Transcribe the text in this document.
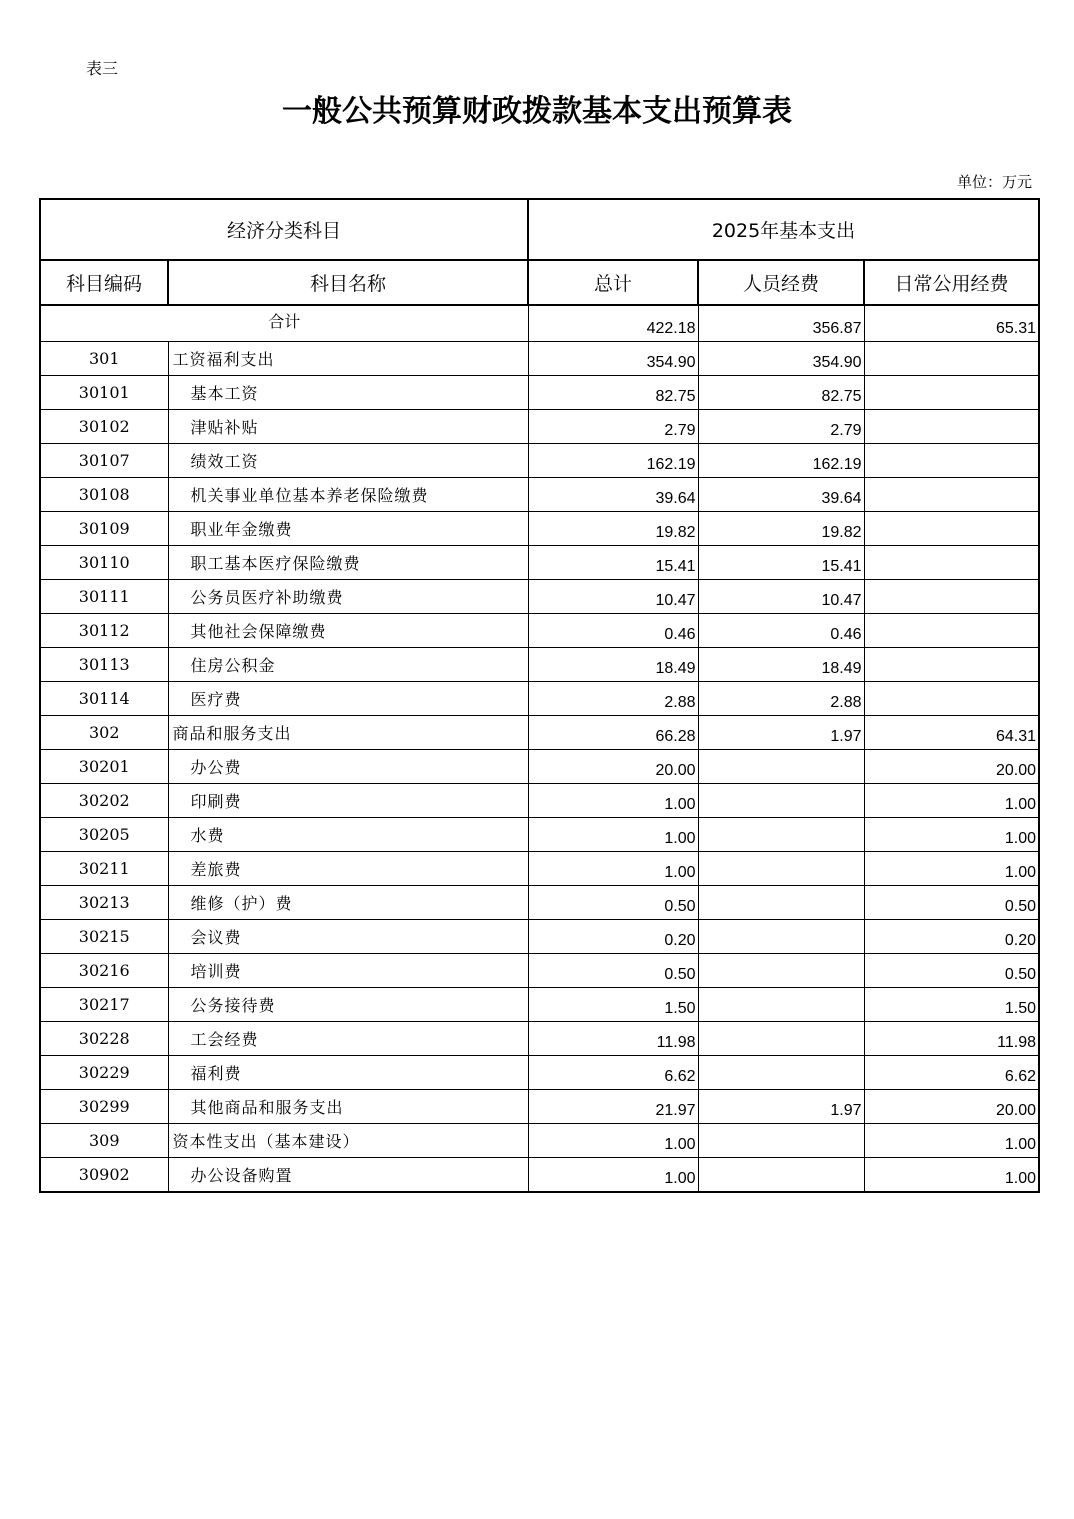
表三
一般公共预算财政拨款基本支出预算表
单位：万元
经济分类科目		2025年基本支出		
科目编码	科目名称	总计	人员经费	日常公用经费
合计		422.18	356.87	65.31
301	工资福利支出	354.90	354.90	
30101	基本工资	82.75	82.75	
30102	津贴补贴	2.79	2.79	
30107	绩效工资	162.19	162.19	
30108	机关事业单位基本养老保险缴费	39.64	39.64	
30109	职业年金缴费	19.82	19.82	
30110	职工基本医疗保险缴费	15.41	15.41	
30111	公务员医疗补助缴费	10.47	10.47	
30112	其他社会保障缴费	0.46	0.46	
30113	住房公积金	18.49	18.49	
30114	医疗费	2.88	2.88	
302	商品和服务支出	66.28	1.97	64.31
30201	办公费	20.00		20.00
30202	印刷费	1.00		1.00
30205	水费	1.00		1.00
30211	差旅费	1.00		1.00
30213	维修（护）费	0.50		0.50
30215	会议费	0.20		0.20
30216	培训费	0.50		0.50
30217	公务接待费	1.50		1.50
30228	工会经费	11.98		11.98
30229	福利费	6.62		6.62
30299	其他商品和服务支出	21.97	1.97	20.00
309	资本性支出（基本建设）	1.00		1.00
30902	办公设备购置	1.00		1.00
